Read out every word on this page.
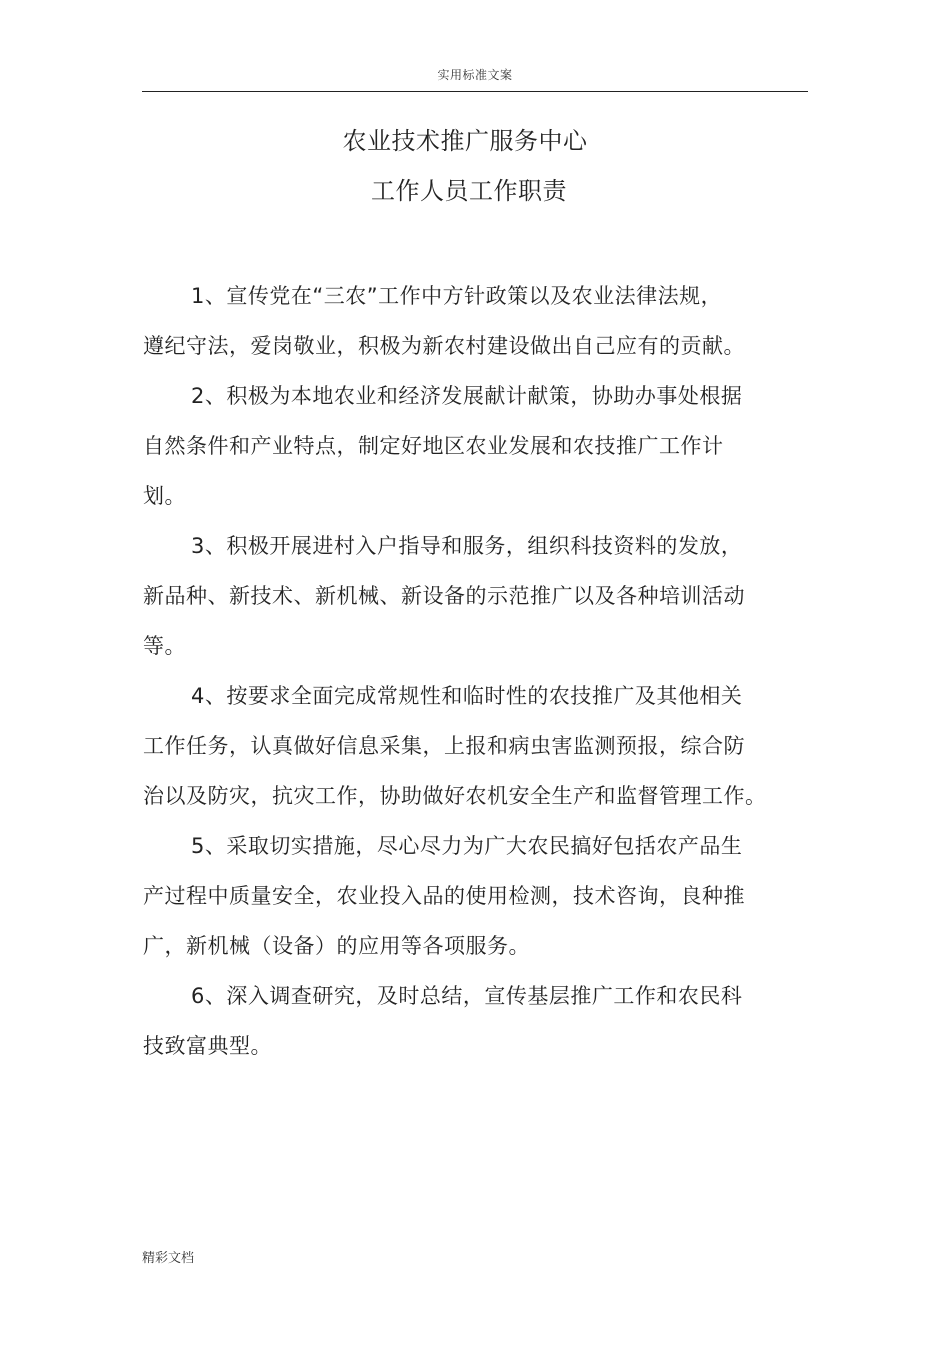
实用标准文案
农业技术推广服务中心
工作人员工作职责
1、宣传党在“三农”工作中方针政策以及农业法律法规，
遵纪守法，爱岗敬业，积极为新农村建设做出自己应有的贡献。
2、积极为本地农业和经济发展献计献策，协助办事处根据
自然条件和产业特点，制定好地区农业发展和农技推广工作计
划。
3、积极开展进村入户指导和服务，组织科技资料的发放，
新品种、新技术、新机械、新设备的示范推广以及各种培训活动
等。
4、按要求全面完成常规性和临时性的农技推广及其他相关
工作任务，认真做好信息采集，上报和病虫害监测预报，综合防
治以及防灾，抗灾工作，协助做好农机安全生产和监督管理工作。
5、采取切实措施，尽心尽力为广大农民搞好包括农产品生
产过程中质量安全，农业投入品的使用检测，技术咨询，良种推
广，新机械（设备）的应用等各项服务。
6、深入调查研究，及时总结，宣传基层推广工作和农民科
技致富典型。
精彩文档
